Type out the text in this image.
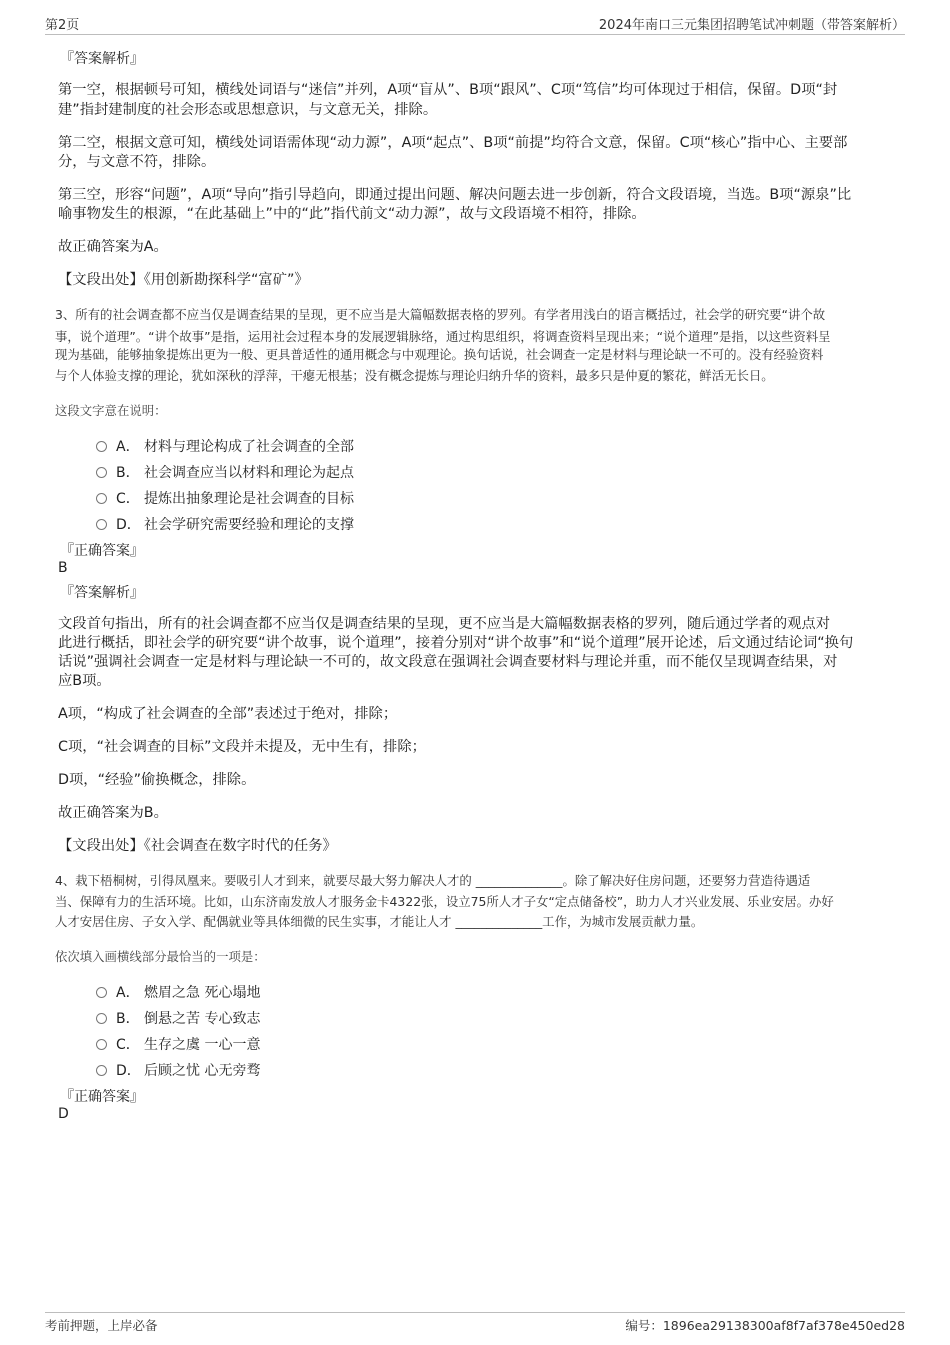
第2页	2024年南口三元集团招聘笔试冲刺题（带答案解析）
『答案解析』
第一空，根据顿号可知，横线处词语与“迷信”并列，A项“盲从”、B项“跟风”、C项“笃信”均可体现过于相信，保留。D项“封
建”指封建制度的社会形态或思想意识，与文意无关，排除。
第二空，根据文意可知，横线处词语需体现“动力源”，A项“起点”、B项“前提”均符合文意，保留。C项“核心”指中心、主要部
分，与文意不符，排除。
第三空，形容“问题”，A项“导向”指引导趋向，即通过提出问题、解决问题去进一步创新，符合文段语境，当选。B项“源泉”比
喻事物发生的根源，“在此基础上”中的“此”指代前文“动力源”，故与文段语境不相符，排除。
故正确答案为A。
【文段出处】《用创新勘探科学“富矿”》
3、所有的社会调查都不应当仅是调查结果的呈现，更不应当是大篇幅数据表格的罗列。有学者用浅白的语言概括过，社会学的研究要“讲个故
事，说个道理”。“讲个故事”是指，运用社会过程本身的发展逻辑脉络，通过构思组织，将调查资料呈现出来；“说个道理”是指，以这些资料呈
现为基础，能够抽象提炼出更为一般、更具普适性的通用概念与中观理论。换句话说，社会调查一定是材料与理论缺一不可的。没有经验资料
与个人体验支撑的理论，犹如深秋的浮萍，干瘪无根基；没有概念提炼与理论归纳升华的资料，最多只是仲夏的繁花，鲜活无长日。
这段文字意在说明：
A． 材料与理论构成了社会调查的全部
B． 社会调查应当以材料和理论为起点
C． 提炼出抽象理论是社会调查的目标
D． 社会学研究需要经验和理论的支撑
『正确答案』
B
『答案解析』
文段首句指出，所有的社会调查都不应当仅是调查结果的呈现，更不应当是大篇幅数据表格的罗列，随后通过学者的观点对
此进行概括，即社会学的研究要“讲个故事，说个道理”，接着分别对“讲个故事”和“说个道理”展开论述，后文通过结论词“换句
话说”强调社会调查一定是材料与理论缺一不可的，故文段意在强调社会调查要材料与理论并重，而不能仅呈现调查结果，对
应B项。
A项，“构成了社会调查的全部”表述过于绝对，排除；
C项，“社会调查的目标”文段并未提及，无中生有，排除；
D项，“经验”偷换概念，排除。
故正确答案为B。
【文段出处】《社会调查在数字时代的任务》
4、栽下梧桐树，引得凤凰来。要吸引人才到来，就要尽最大努力解决人才的 ______________。除了解决好住房问题，还要努力营造待遇适
当、保障有力的生活环境。比如，山东济南发放人才服务金卡4322张，设立75所人才子女“定点储备校”，助力人才兴业发展、乐业安居。办好
人才安居住房、子女入学、配偶就业等具体细微的民生实事，才能让人才 ______________工作，为城市发展贡献力量。
依次填入画横线部分最恰当的一项是：
A． 燃眉之急 死心塌地
B． 倒悬之苦 专心致志
C． 生存之虞 一心一意
D． 后顾之忧 心无旁骛
『正确答案』
D
考前押题，上岸必备	编号：1896ea29138300af8f7af378e450ed28
